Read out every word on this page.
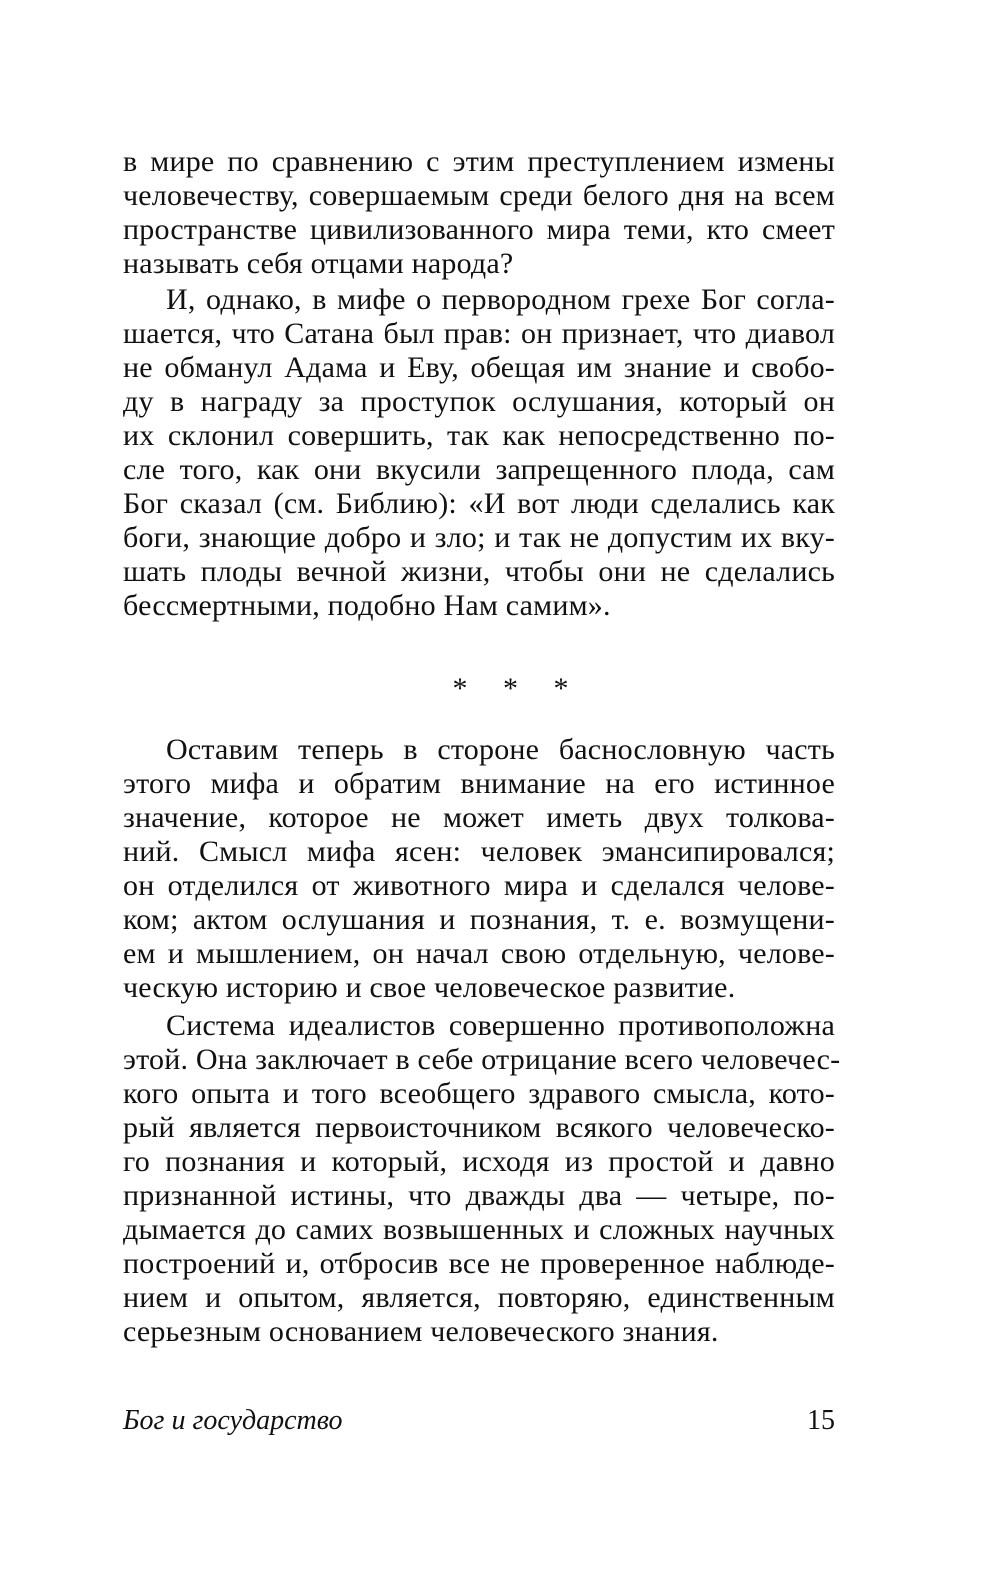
в мире по сравнению с этим преступлением измены
человечеству, совершаемым среди белого дня на всем
пространстве цивилизованного мира теми, кто смеет
называть себя отцами народа?
И, однако, в мифе о первородном грехе Бог согла-
шается, что Сатана был прав: он признает, что диавол
не обманул Адама и Еву, обещая им знание и свобо-
ду в награду за проступок ослушания, который он
их склонил совершить, так как непосредственно по-
сле того, как они вкусили запрещенного плода, сам
Бог сказал (см. Библию): «И вот люди сделались как
боги, знающие добро и зло; и так не допустим их вку-
шать плоды вечной жизни, чтобы они не сделались
бессмертными, подобно Нам самим».
* * *
Оставим теперь в стороне баснословную часть
этого мифа и обратим внимание на его истинное
значение, которое не может иметь двух толкова-
ний. Смысл мифа ясен: человек эмансипировался;
он отделился от животного мира и сделался челове-
ком; актом ослушания и познания, т. е. возмущени-
ем и мышлением, он начал свою отдельную, челове-
ческую историю и свое человеческое развитие.
Система идеалистов совершенно противоположна
этой. Она заключает в себе отрицание всего человечес-
кого опыта и того всеобщего здравого смысла, кото-
рый является первоисточником всякого человеческо-
го познания и который, исходя из простой и давно
признанной истины, что дважды два — четыре, по-
дымается до самих возвышенных и сложных научных
построений и, отбросив все не проверенное наблюде-
нием и опытом, является, повторяю, единственным
серьезным основанием человеческого знания.
Бог и государство	15
